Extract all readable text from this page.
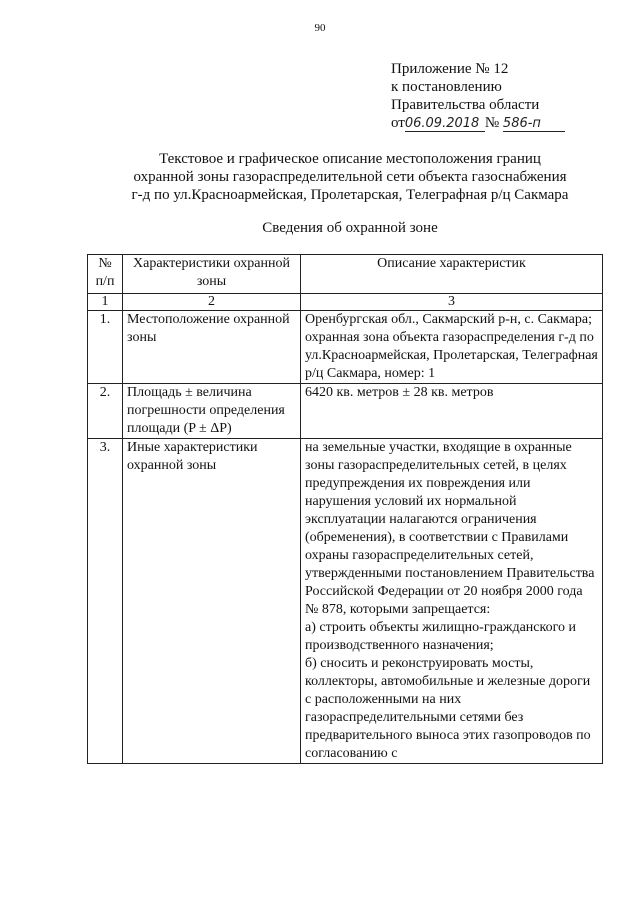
90
Приложение № 12
к постановлению
Правительства области
от06.09.2018 № 586-п
Текстовое и графическое описание местоположения границ
охранной зоны газораспределительной сети объекта газоснабжения
г-д по ул.Красноармейская, Пролетарская, Телеграфная р/ц Сакмара
Сведения об охранной зоне
№ п/п	Характеристики охранной зоны	Описание характеристик
1	2	3
1.	Местоположение охранной зоны	Оренбургская обл., Сакмарский р-н, с. Сакмара; охранная зона объекта газораспределения г-д по ул.Красноармейская, Пролетарская, Телеграфная р/ц Сакмара, номер: 1
2.	Площадь ± величина погрешности определения площади (P ± ΔP)	6420 кв. метров ± 28 кв. метров
3.	Иные характеристики охранной зоны	на земельные участки, входящие в охранные зоны газораспределительных сетей, в целях предупреждения их повреждения или нарушения условий их нормальной эксплуатации налагаются ограничения (обременения), в соответствии с Правилами охраны газораспределительных сетей, утвержденными постановлением Правительства Российской Федерации от 20 ноября 2000 года № 878, которыми запрещается:
а) строить объекты жилищно-гражданского и производственного назначения;
б) сносить и реконструировать мосты, коллекторы, автомобильные и железные дороги с расположенными на них газораспределительными сетями без предварительного выноса этих газопроводов по согласованию с
